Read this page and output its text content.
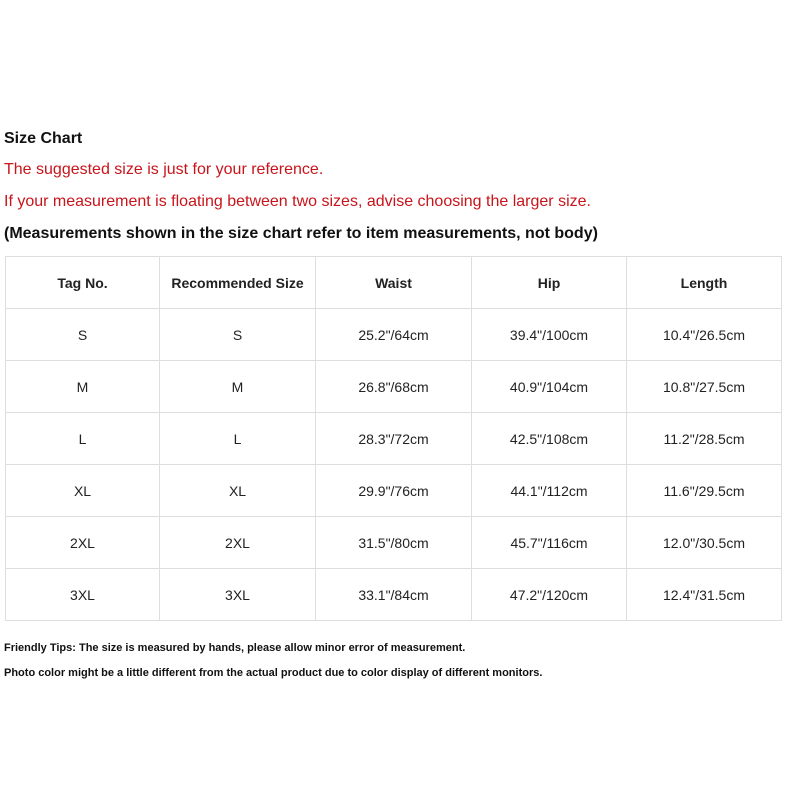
Size Chart
The suggested size is just for your reference.
If your measurement is floating between two sizes, advise choosing the larger size.
(Measurements shown in the size chart refer to item measurements, not body)
Tag No.	Recommended Size	Waist	Hip	Length
S	S	25.2"/64cm	39.4"/100cm	10.4"/26.5cm
M	M	26.8"/68cm	40.9"/104cm	10.8"/27.5cm
L	L	28.3"/72cm	42.5"/108cm	11.2"/28.5cm
XL	XL	29.9"/76cm	44.1"/112cm	11.6"/29.5cm
2XL	2XL	31.5"/80cm	45.7"/116cm	12.0"/30.5cm
3XL	3XL	33.1"/84cm	47.2"/120cm	12.4"/31.5cm
Friendly Tips: The size is measured by hands, please allow minor error of measurement.
Photo color might be a little different from the actual product due to color display of different monitors.
